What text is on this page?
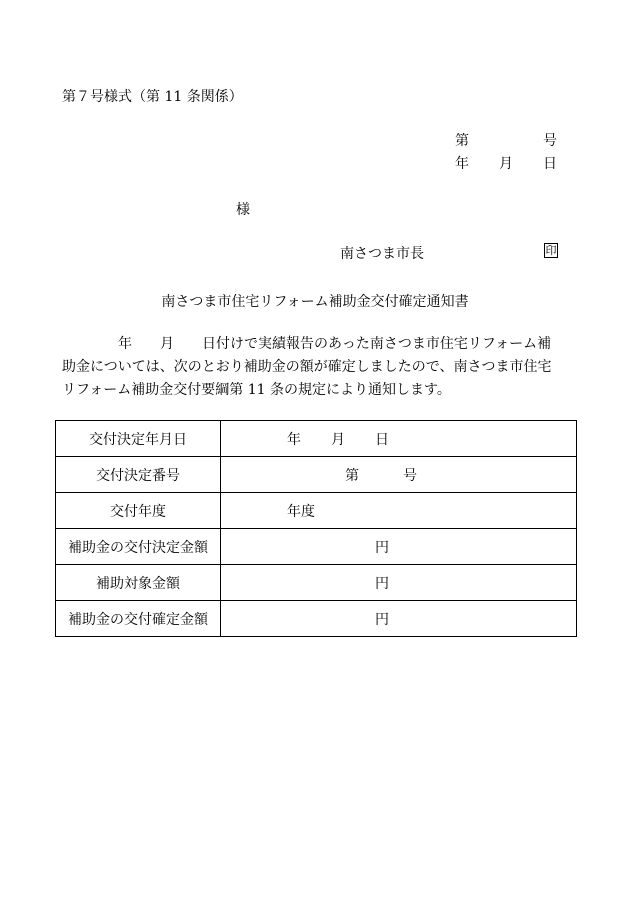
第７号様式（第 11 条関係）
第	号
年 月 日
様
南さつま市長	印
南さつま市住宅リフォーム補助金交付確定通知書
　　　　年　　月　　日付けで実績報告のあった南さつま市住宅リフォーム補
助金については、次のとおり補助金の額が確定しましたので、南さつま市住宅
リフォーム補助金交付要綱第 11 条の規定により通知します。
交付決定年月日	年 月 日

交付決定番号	第 号

交付年度	年度

補助金の交付決定金額	円

補助対象金額	円

補助金の交付確定金額	円
